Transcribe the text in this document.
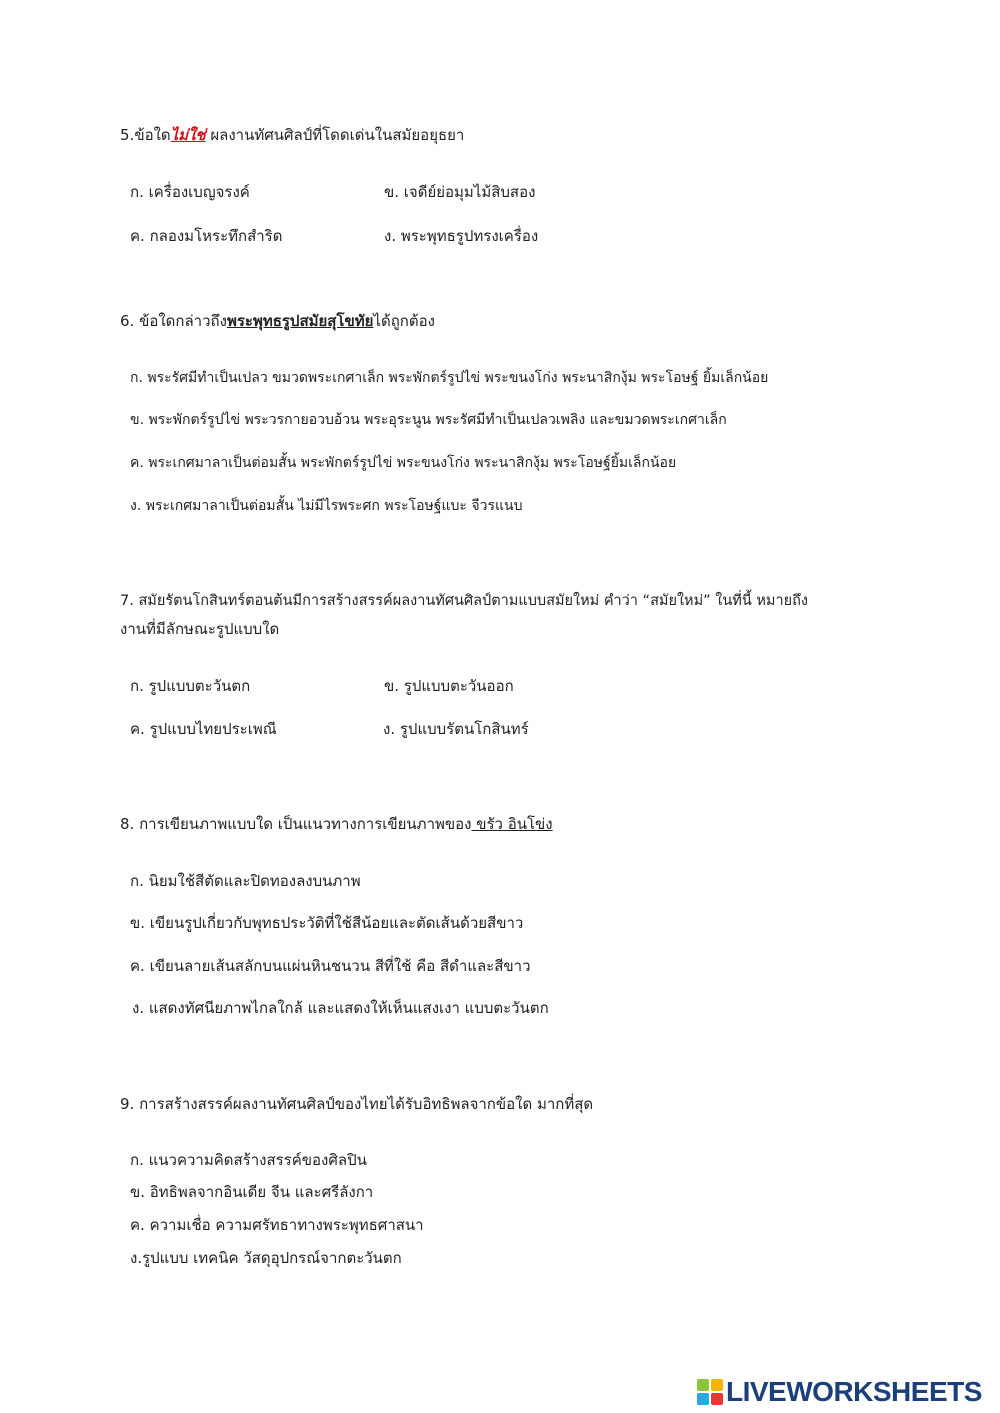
5.ข้อใดไม่ใช่ ผลงานทัศนศิลป์ที่โดดเด่นในสมัยอยุธยา
ก. เครื่องเบญจรงค์	ข. เจดีย์ย่อมุมไม้สิบสอง
ค. กลองมโหระทึกสำริด	ง. พระพุทธรูปทรงเครื่อง
6. ข้อใดกล่าวถึงพระพุทธรูปสมัยสุโขทัยได้ถูกต้อง
ก. พระรัศมีทำเป็นเปลว ขมวดพระเกศาเล็ก พระพักตร์รูปไข่ พระขนงโก่ง พระนาสิกงุ้ม พระโอษฐ์ ยิ้มเล็กน้อย
ข. พระพักตร์รูปไข่ พระวรกายอวบอ้วน พระอุระนูน พระรัศมีทำเป็นเปลวเพลิง และขมวดพระเกศาเล็ก
ค. พระเกศมาลาเป็นต่อมสั้น พระพักตร์รูปไข่ พระขนงโก่ง พระนาสิกงุ้ม พระโอษฐ์ยิ้มเล็กน้อย
ง. พระเกศมาลาเป็นต่อมสั้น ไม่มีไรพระศก พระโอษฐ์แบะ จีวรแนบ
7. สมัยรัตนโกสินทร์ตอนต้นมีการสร้างสรรค์ผลงานทัศนศิลป์ตามแบบสมัยใหม่ คำว่า “สมัยใหม่” ในที่นี้ หมายถึง
งานที่มีลักษณะรูปแบบใด
ก. รูปแบบตะวันตก	ข. รูปแบบตะวันออก
ค. รูปแบบไทยประเพณี	ง. รูปแบบรัตนโกสินทร์
8. การเขียนภาพแบบใด เป็นแนวทางการเขียนภาพของ ขรัว อินโข่ง
ก. นิยมใช้สีตัดและปิดทองลงบนภาพ
ข. เขียนรูปเกี่ยวกับพุทธประวัติที่ใช้สีน้อยและตัดเส้นด้วยสีขาว
ค. เขียนลายเส้นสลักบนแผ่นหินชนวน สีที่ใช้ คือ สีดำและสีขาว
ง. แสดงทัศนียภาพไกลใกล้ และแสดงให้เห็นแสงเงา แบบตะวันตก
9. การสร้างสรรค์ผลงานทัศนศิลป์ของไทยได้รับอิทธิพลจากข้อใด มากที่สุด
ก. แนวความคิดสร้างสรรค์ของศิลปิน
ข. อิทธิพลจากอินเดีย จีน และศรีลังกา
ค. ความเชื่อ ความศรัทธาทางพระพุทธศาสนา
ง.รูปแบบ เทคนิค วัสดุอุปกรณ์จากตะวันตก
LIVEWORKSHEETS
